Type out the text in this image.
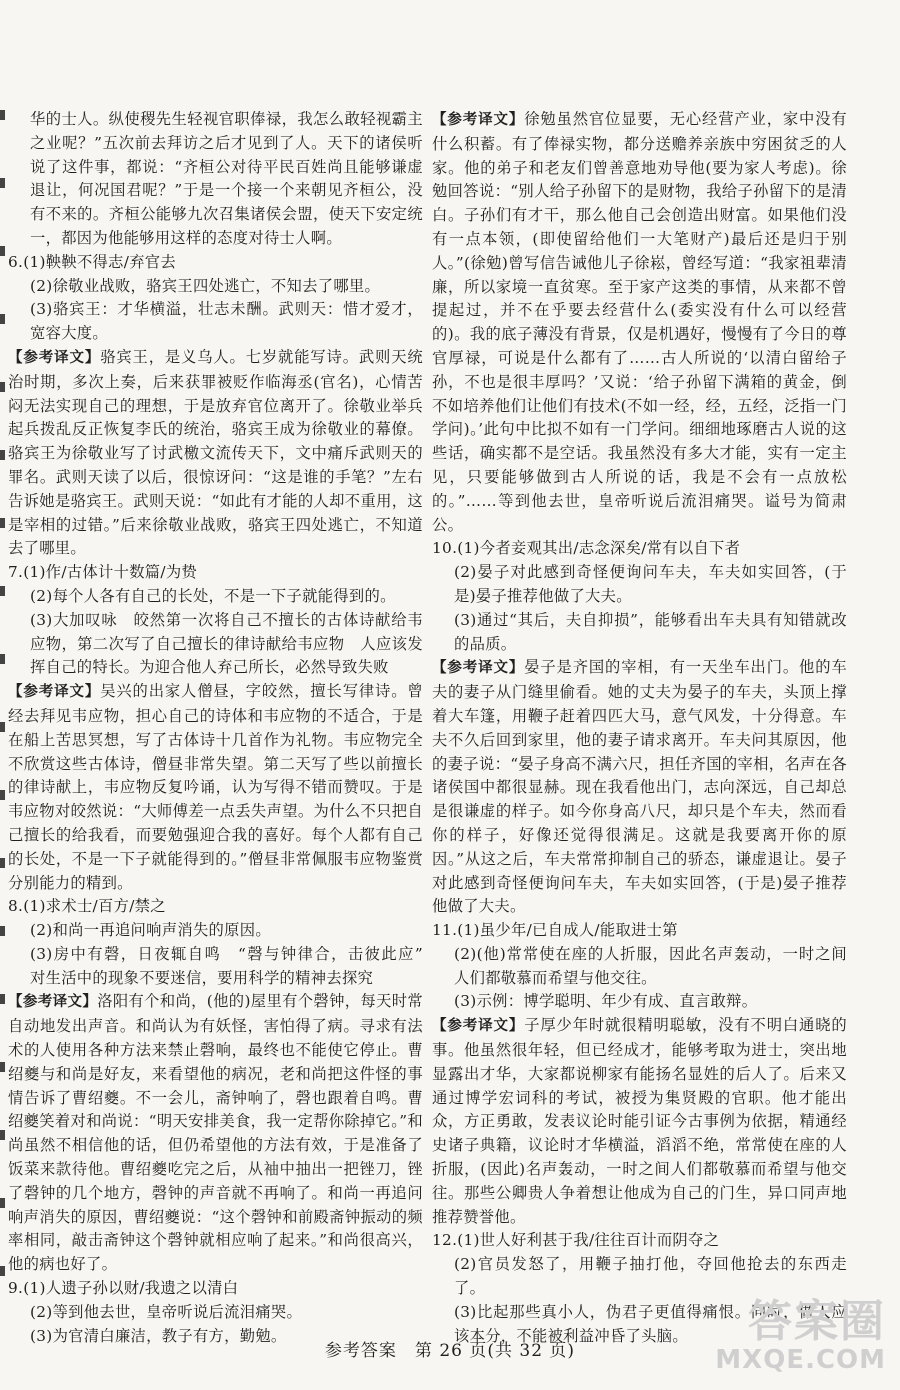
华的士人。纵使稷先生轻视官职俸禄，我怎么敢轻视霸主之业呢？”五次前去拜访之后才见到了人。天下的诸侯听说了这件事，都说：“齐桓公对待平民百姓尚且能够谦虚退让，何况国君呢？”于是一个接一个来朝见齐桓公，没有不来的。齐桓公能够九次召集诸侯会盟，使天下安定统一，都因为他能够用这样的态度对待士人啊。

6.(1)鞅鞅不得志/弃官去

(2)徐敬业战败，骆宾王四处逃亡，不知去了哪里。

(3)骆宾王：才华横溢，壮志未酬。武则天：惜才爱才，宽容大度。

【参考译文】骆宾王，是义乌人。七岁就能写诗。武则天统治时期，多次上奏，后来获罪被贬作临海丞(官名)，心情苦闷无法实现自己的理想，于是放弃官位离开了。徐敬业举兵起兵拨乱反正恢复李氏的统治，骆宾王成为徐敬业的幕僚。骆宾王为徐敬业写了讨武檄文流传天下，文中痛斥武则天的罪名。武则天读了以后，很惊讶问：“这是谁的手笔？”左右告诉她是骆宾王。武则天说：“如此有才能的人却不重用，这是宰相的过错。”后来徐敬业战败，骆宾王四处逃亡，不知道去了哪里。

7.(1)作/古体计十数篇/为贽

(2)每个人各有自己的长处，不是一下子就能得到的。

(3)大加叹咏　皎然第一次将自己不擅长的古体诗献给韦应物，第二次写了自己擅长的律诗献给韦应物　人应该发挥自己的特长。为迎合他人弃己所长，必然导致失败

【参考译文】吴兴的出家人僧昼，字皎然，擅长写律诗。曾经去拜见韦应物，担心自己的诗体和韦应物的不适合，于是在船上苦思冥想，写了古体诗十几首作为礼物。韦应物完全不欣赏这些古体诗，僧昼非常失望。第二天写了些以前擅长的律诗献上，韦应物反复吟诵，认为写得不错而赞叹。于是韦应物对皎然说：“大师傅差一点丢失声望。为什么不只把自己擅长的给我看，而要勉强迎合我的喜好。每个人都有自己的长处，不是一下子就能得到的。”僧昼非常佩服韦应物鉴赏分别能力的精到。

8.(1)求术士/百方/禁之

(2)和尚一再追问响声消失的原因。

(3)房中有磬，日夜辄自鸣　“磬与钟律合，击彼此应”　对生活中的现象不要迷信，要用科学的精神去探究

【参考译文】洛阳有个和尚，(他的)屋里有个磬钟，每天时常自动地发出声音。和尚认为有妖怪，害怕得了病。寻求有法术的人使用各种方法来禁止磬响，最终也不能使它停止。曹绍夔与和尚是好友，来看望他的病况，老和尚把这件怪的事情告诉了曹绍夔。不一会儿，斋钟响了，磬也跟着自鸣。曹绍夔笑着对和尚说：“明天安排美食，我一定帮你除掉它。”和尚虽然不相信他的话，但仍希望他的方法有效，于是准备了饭菜来款待他。曹绍夔吃完之后，从袖中抽出一把锉刀，锉了磬钟的几个地方，磬钟的声音就不再响了。和尚一再追问响声消失的原因，曹绍夔说：“这个磬钟和前殿斋钟振动的频率相同，敲击斋钟这个磬钟就相应响了起来。”和尚很高兴，他的病也好了。

9.(1)人遗子孙以财/我遗之以清白

(2)等到他去世，皇帝听说后流泪痛哭。

(3)为官清白廉洁，教子有方，勤勉。

【参考译文】徐勉虽然官位显要，无心经营产业，家中没有什么积蓄。有了俸禄实物，都分送赡养亲族中穷困贫乏的人家。他的弟子和老友们曾善意地劝导他(要为家人考虑)。徐勉回答说：“别人给子孙留下的是财物，我给子孙留下的是清白。子孙们有才干，那么他自己会创造出财富。如果他们没有一点本领，(即使留给他们一大笔财产)最后还是归于别人。”(徐勉)曾写信告诫他儿子徐崧，曾经写道：“我家祖辈清廉，所以家境一直贫寒。至于家产这类的事情，从来都不曾提起过，并不在乎要去经营什么(委实没有什么可以经营的)。我的底子薄没有背景，仅是机遇好，慢慢有了今日的尊官厚禄，可说是什么都有了……古人所说的‘以清白留给子孙，不也是很丰厚吗？’又说：‘给子孙留下满箱的黄金，倒不如培养他们让他们有技术(不如一经，经，五经，泛指一门学问)。’此句中比拟不如有一门学问。细细地琢磨古人说的这些话，确实都不是空话。我虽然没有多大才能，实有一定主见，只要能够做到古人所说的话，我是不会有一点放松的。”……等到他去世，皇帝听说后流泪痛哭。谥号为简肃公。

10.(1)今者妾观其出/志念深矣/常有以自下者

(2)晏子对此感到奇怪便询问车夫，车夫如实回答，(于是)晏子推荐他做了大夫。

(3)通过“其后，夫自抑损”，能够看出车夫具有知错就改的品质。

【参考译文】晏子是齐国的宰相，有一天坐车出门。他的车夫的妻子从门缝里偷看。她的丈夫为晏子的车夫，头顶上撑着大车篷，用鞭子赶着四匹大马，意气风发，十分得意。车夫不久后回到家里，他的妻子请求离开。车夫问其原因，他的妻子说：“晏子身高不满六尺，担任齐国的宰相，名声在各诸侯国中都很显赫。现在我看他出门，志向深远，自己却总是很谦虚的样子。如今你身高八尺，却只是个车夫，然而看你的样子，好像还觉得很满足。这就是我要离开你的原因。”从这之后，车夫常常抑制自己的骄态，谦虚退让。晏子对此感到奇怪便询问车夫，车夫如实回答，(于是)晏子推荐他做了大夫。

11.(1)虽少年/已自成人/能取进士第

(2)(他)常常使在座的人折服，因此名声轰动，一时之间人们都敬慕而希望与他交往。

(3)示例：博学聪明、年少有成、直言敢辩。

【参考译文】子厚少年时就很精明聪敏，没有不明白通晓的事。他虽然很年轻，但已经成才，能够考取为进士，突出地显露出才华，大家都说柳家有能扬名显姓的后人了。后来又通过博学宏词科的考试，被授为集贤殿的官职。他才能出众，方正勇敢，发表议论时能引证今古事例为依据，精通经史诸子典籍，议论时才华横溢，滔滔不绝，常常使在座的人折服，(因此)名声轰动，一时之间人们都敬慕而希望与他交往。那些公卿贵人争着想让他成为自己的门生，异口同声地推荐赞誉他。

12.(1)世人好利甚于我/往往百计而阴夺之

(2)官员发怒了，用鞭子抽打他，夺回他抢去的东西走了。

(3)比起那些真小人，伪君子更值得痛恨。同时，做人应该本分，不能被利益冲昏了头脑。

参考答案　第 26 页(共 32 页)
答案圈
MXQE.COM
